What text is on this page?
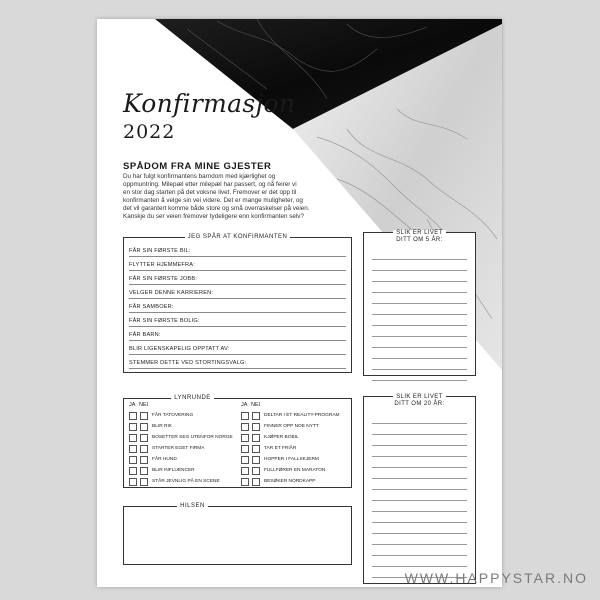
Konfirmasjon
2022
SPÅDOM FRA MINE GJESTER
Du har fulgt konfirmantens barndom med kjærlighet og
oppmuntring. Milepæl etter milepæl har passert, og nå feirer vi
en stor dag starten på det voksne livet. Fremover er det opp til
konfirmanten å velge sin vei videre. Det er mange muligheter, og
det vil garantert komme både store og små overraskelser på veien.
Kanskje du ser veien fremover tydeligere enn konfirmanten selv?
JEG SPÅR AT KONFIRMANTEN
FÅR SIN FØRSTE BIL:
FLYTTER HJEMMEFRA:
FÅR SIN FØRSTE JOBB:
VELGER DENNE KARRIEREN:
FÅR SAMBOER:
FÅR SIN FØRSTE BOLIG:
FÅR BARN:
BLIR LIGENSKAPELIG OPPTATT AV:
STEMMER DETTE VED STORTINGSVALG:
SLIK ER LIVET
DITT OM 5 ÅR:
SLIK ER LIVET
DITT OM 20 ÅR:
LYNRUNDE
JA NEI	JA NEI
FÅR TATOVERING
BLIR RIK
BOSETTER SEG UTENFOR NORGE
STARTER EGET FIRMA
FÅR HUND
BLIR INFLUENCER
STÅR JEVNLIG PÅ EN SCENE
DELTAR I ET REALITY-PROGRAM
FINNER OPP NOE NYTT
KJØPER BOBIL
TAR ET FRIÅR
HOPPER I FALLSKJERM
FULLFØRER EN MARATON
BESØKER NORDKAPP
HILSEN
WWW.HAPPYSTAR.NO
